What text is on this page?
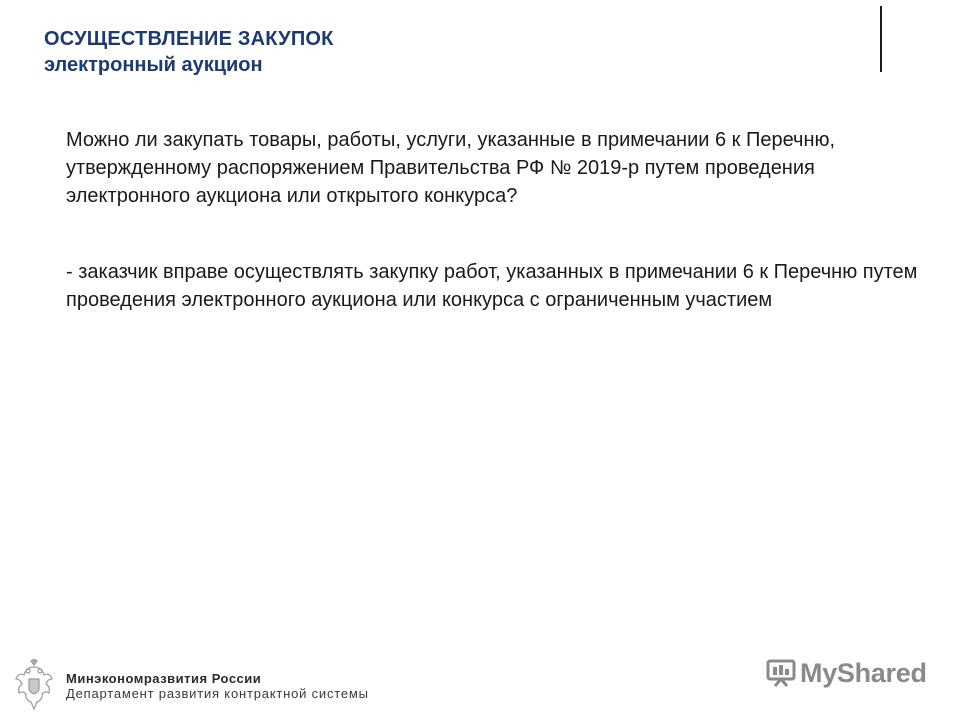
ОСУЩЕСТВЛЕНИЕ ЗАКУПОК
электронный аукцион

Можно ли закупать товары, работы, услуги, указанные в примечании 6 к Перечню, утвержденному распоряжением Правительства РФ № 2019-р путем проведения электронного аукциона или открытого конкурса?

- заказчик вправе осуществлять закупку работ, указанных в примечании 6 к Перечню путем проведения электронного аукциона или конкурса с ограниченным участием

Минэкономразвития России
Департамент развития контрактной системы
MyShared
